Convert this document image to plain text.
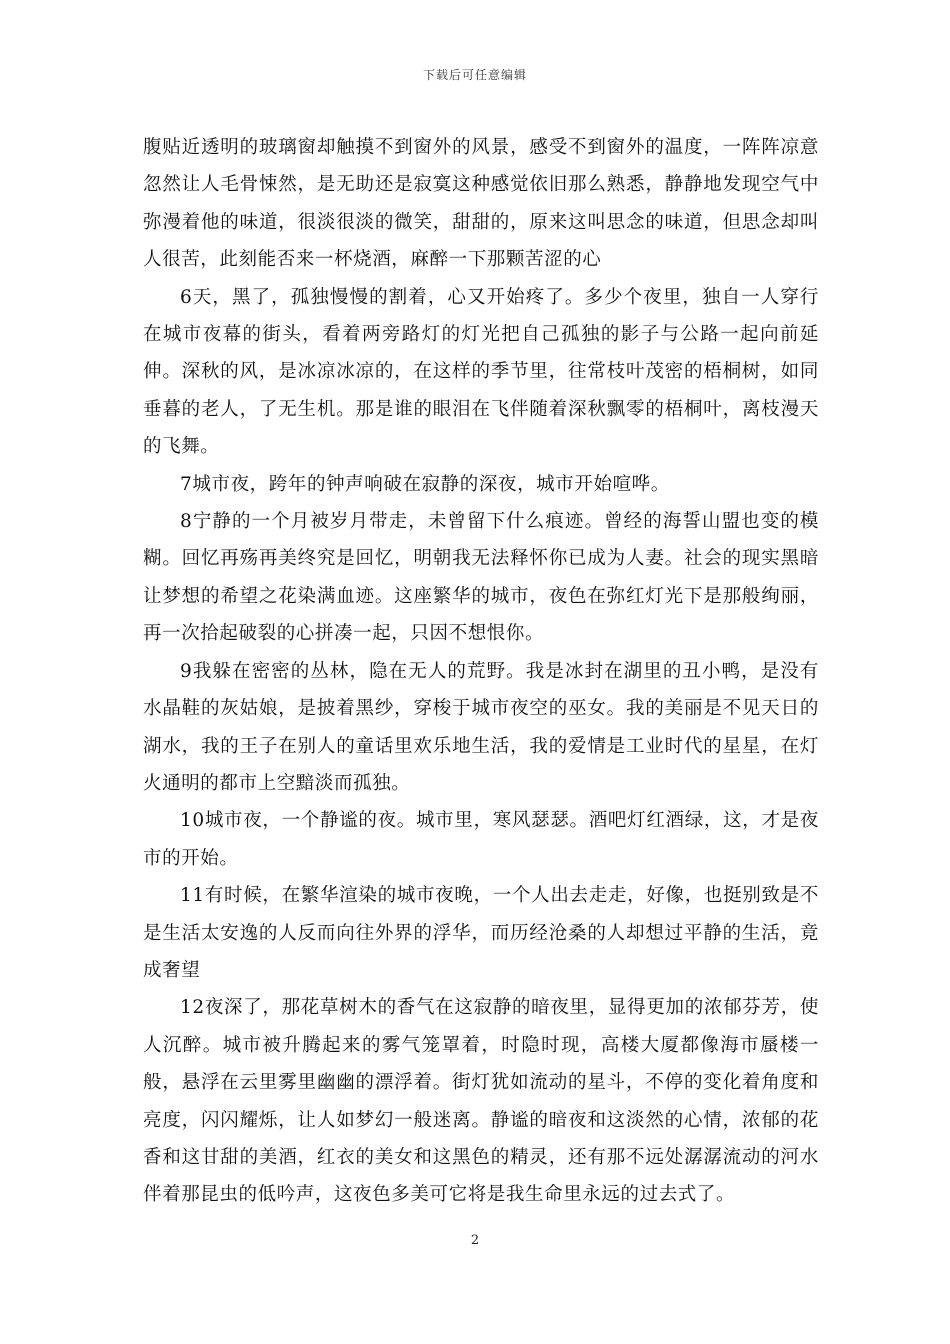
下载后可任意编辑

腹贴近透明的玻璃窗却触摸不到窗外的风景，感受不到窗外的温度，一阵阵凉意忽然让人毛骨悚然，是无助还是寂寞这种感觉依旧那么熟悉，静静地发现空气中弥漫着他的味道，很淡很淡的微笑，甜甜的，原来这叫思念的味道，但思念却叫人很苦，此刻能否来一杯烧酒，麻醉一下那颗苦涩的心

6天，黑了，孤独慢慢的割着，心又开始疼了。多少个夜里，独自一人穿行在城市夜幕的街头，看着两旁路灯的灯光把自己孤独的影子与公路一起向前延伸。深秋的风，是冰凉冰凉的，在这样的季节里，往常枝叶茂密的梧桐树，如同垂暮的老人，了无生机。那是谁的眼泪在飞伴随着深秋飘零的梧桐叶，离枝漫天的飞舞。

7城市夜，跨年的钟声响破在寂静的深夜，城市开始喧哗。

8宁静的一个月被岁月带走，未曾留下什么痕迹。曾经的海誓山盟也变的模糊。回忆再殇再美终究是回忆，明朝我无法释怀你已成为人妻。社会的现实黑暗让梦想的希望之花染满血迹。这座繁华的城市，夜色在弥红灯光下是那般绚丽，再一次拾起破裂的心拼凑一起，只因不想恨你。

9我躲在密密的丛林，隐在无人的荒野。我是冰封在湖里的丑小鸭，是没有水晶鞋的灰姑娘，是披着黑纱，穿梭于城市夜空的巫女。我的美丽是不见天日的湖水，我的王子在别人的童话里欢乐地生活，我的爱情是工业时代的星星，在灯火通明的都市上空黯淡而孤独。

10城市夜，一个静谧的夜。城市里，寒风瑟瑟。酒吧灯红酒绿，这，才是夜市的开始。

11有时候，在繁华渲染的城市夜晚，一个人出去走走，好像，也挺别致是不是生活太安逸的人反而向往外界的浮华，而历经沧桑的人却想过平静的生活，竟成奢望

12夜深了，那花草树木的香气在这寂静的暗夜里，显得更加的浓郁芬芳，使人沉醉。城市被升腾起来的雾气笼罩着，时隐时现，高楼大厦都像海市蜃楼一般，悬浮在云里雾里幽幽的漂浮着。街灯犹如流动的星斗，不停的变化着角度和亮度，闪闪耀烁，让人如梦幻一般迷离。静谧的暗夜和这淡然的心情，浓郁的花香和这甘甜的美酒，红衣的美女和这黑色的精灵，还有那不远处潺潺流动的河水伴着那昆虫的低吟声，这夜色多美可它将是我生命里永远的过去式了。

2
